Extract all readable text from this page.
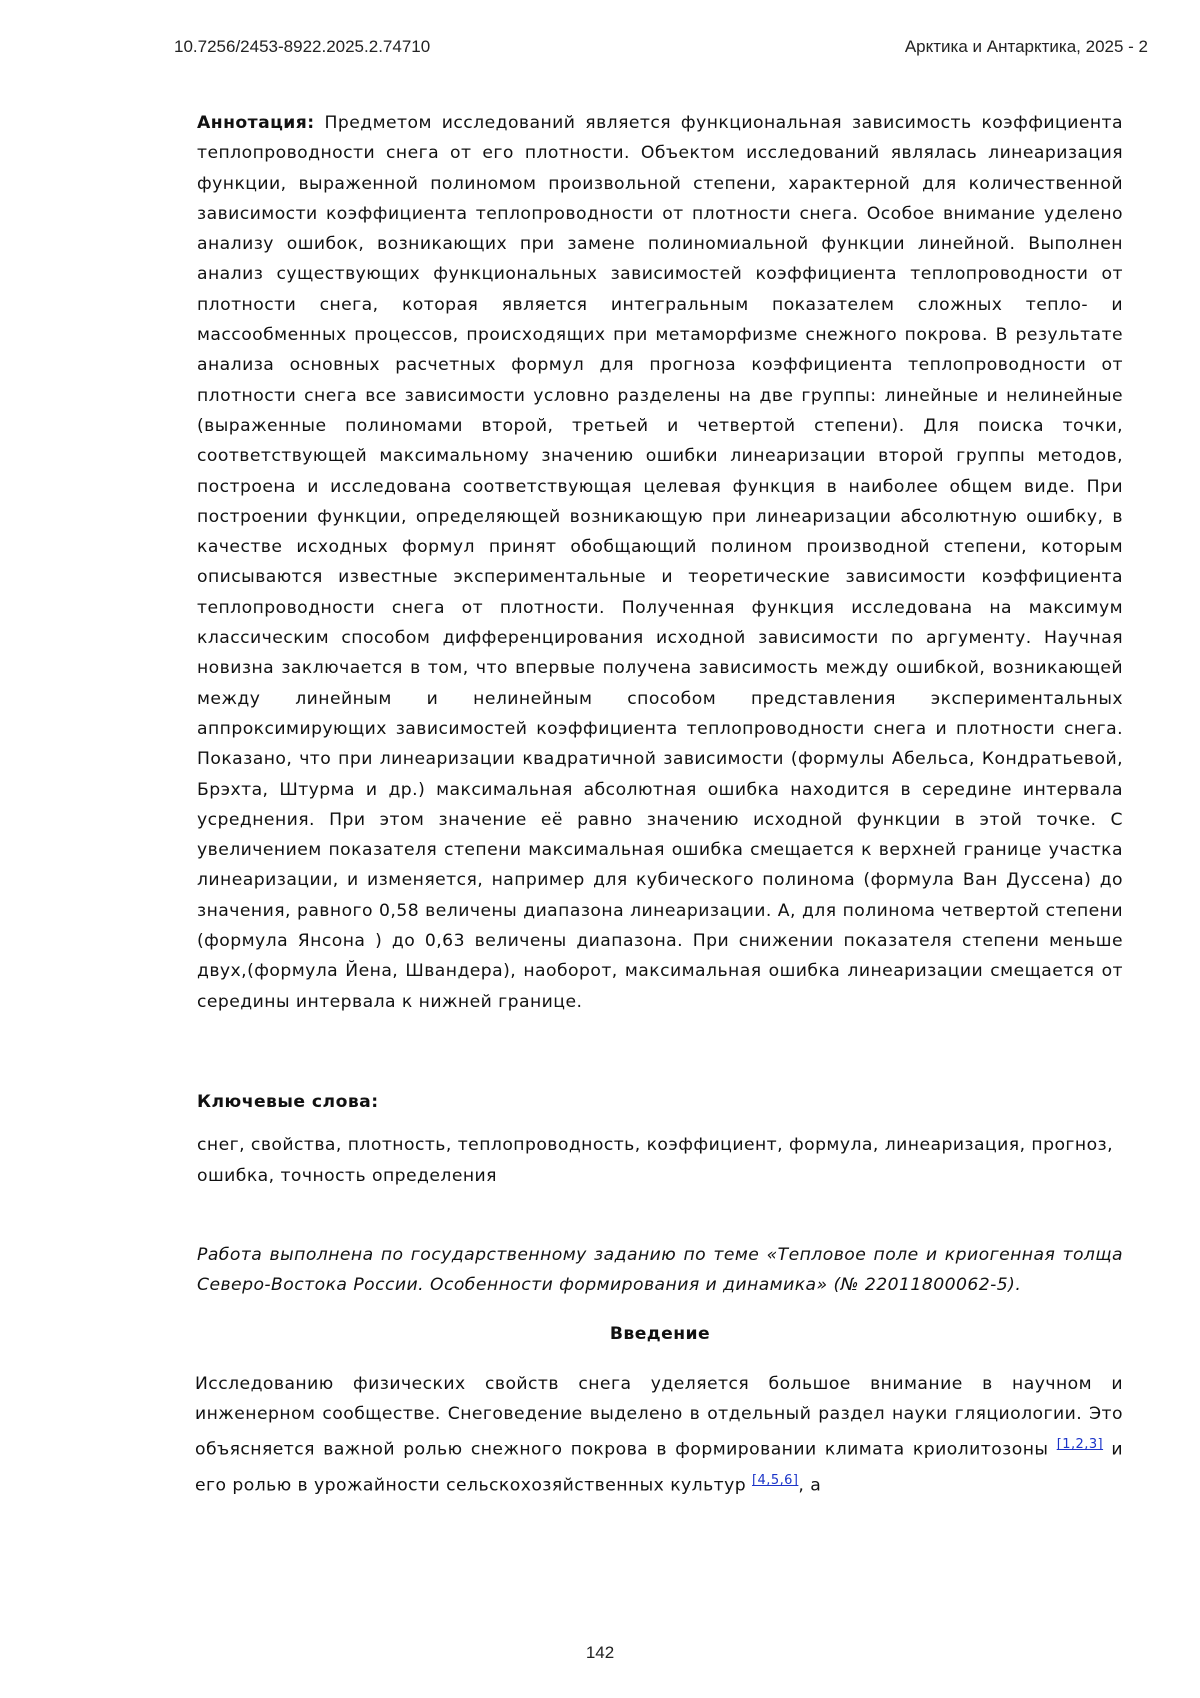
10.7256/2453-8922.2025.2.74710	Арктика и Антарктика, 2025 - 2

Аннотация: Предметом исследований является функциональная зависимость коэффициента теплопроводности снега от его плотности. Объектом исследований являлась линеаризация функции, выраженной полиномом произвольной степени, характерной для количественной зависимости коэффициента теплопроводности от плотности снега. Особое внимание уделено анализу ошибок, возникающих при замене полиномиальной функции линейной. Выполнен анализ существующих функциональных зависимостей коэффициента теплопроводности от плотности снега, которая является интегральным показателем сложных тепло- и массообменных процессов, происходящих при метаморфизме снежного покрова. В результате анализа основных расчетных формул для прогноза коэффициента теплопроводности от плотности снега все зависимости условно разделены на две группы: линейные и нелинейные (выраженные полиномами второй, третьей и четвертой степени). Для поиска точки, соответствующей максимальному значению ошибки линеаризации второй группы методов, построена и исследована соответствующая целевая функция в наиболее общем виде. При построении функции, определяющей возникающую при линеаризации абсолютную ошибку, в качестве исходных формул принят обобщающий полином производной степени, которым описываются известные экспериментальные и теоретические зависимости коэффициента теплопроводности снега от плотности. Полученная функция исследована на максимум классическим способом дифференцирования исходной зависимости по аргументу. Научная новизна заключается в том, что впервые получена зависимость между ошибкой, возникающей между линейным и нелинейным способом представления экспериментальных аппроксимирующих зависимостей коэффициента теплопроводности снега и плотности снега. Показано, что при линеаризации квадратичной зависимости (формулы Абельса, Кондратьевой, Брэхта, Штурма и др.) максимальная абсолютная ошибка находится в середине интервала усреднения. При этом значение её равно значению исходной функции в этой точке. С увеличением показателя степени максимальная ошибка смещается к верхней границе участка линеаризации, и изменяется, например для кубического полинома (формула Ван Дуссена) до значения, равного 0,58 величены диапазона линеаризации. А, для полинома четвертой степени (формула Янсона ) до 0,63 величены диапазона. При снижении показателя степени меньше двух,(формула Йена, Швандера), наоборот, максимальная ошибка линеаризации смещается от середины интервала к нижней границе.

Ключевые слова:

снег, свойства, плотность, теплопроводность, коэффициент, формула, линеаризация, прогноз, ошибка, точность определения

Работа выполнена по государственному заданию по теме «Тепловое поле и криогенная толща Северо-Востока России. Особенности формирования и динамика» (№ 22011800062-5).

Введение

Исследованию физических свойств снега уделяется большое внимание в научном и инженерном сообществе. Снеговедение выделено в отдельный раздел науки гляциологии. Это объясняется важной ролью снежного покрова в формировании климата криолитозоны [1,2,3] и его ролью в урожайности сельскохозяйственных культур [4,5,6], а

142
